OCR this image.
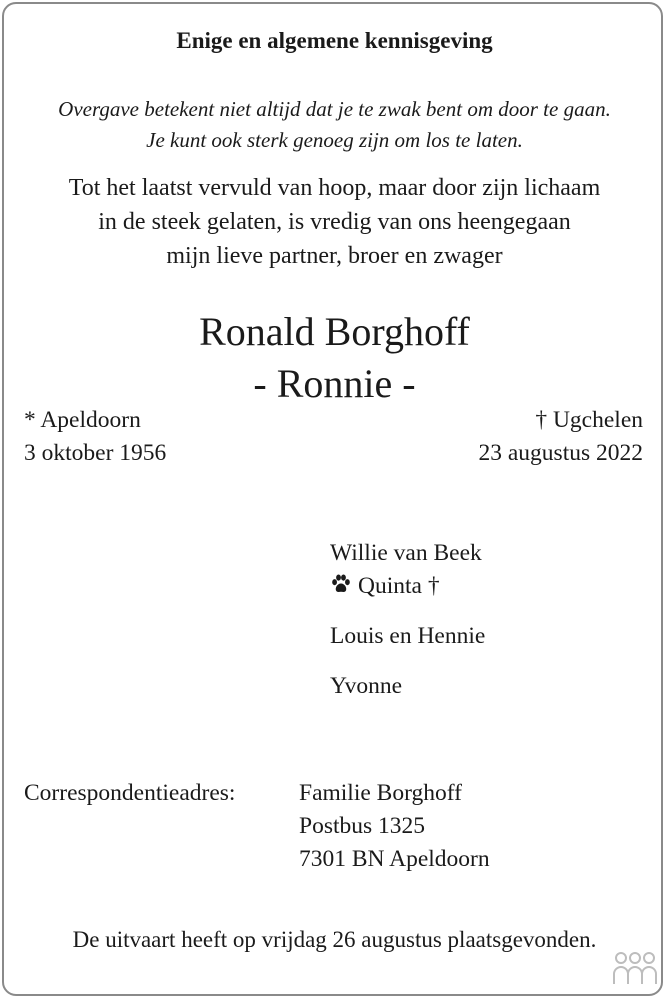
Enige en algemene kennisgeving
Overgave betekent niet altijd dat je te zwak bent om door te gaan.
Je kunt ook sterk genoeg zijn om los te laten.
Tot het laatst vervuld van hoop, maar door zijn lichaam
in de steek gelaten, is vredig van ons heengegaan
mijn lieve partner, broer en zwager
Ronald Borghoff
- Ronnie -
* Apeldoorn
3 oktober 1956
† Ugchelen
23 augustus 2022
Willie van Beek
Quinta †
Louis en Hennie
Yvonne
Correspondentieadres:	Familie Borghoff
Postbus 1325
7301 BN Apeldoorn
De uitvaart heeft op vrijdag 26 augustus plaatsgevonden.
